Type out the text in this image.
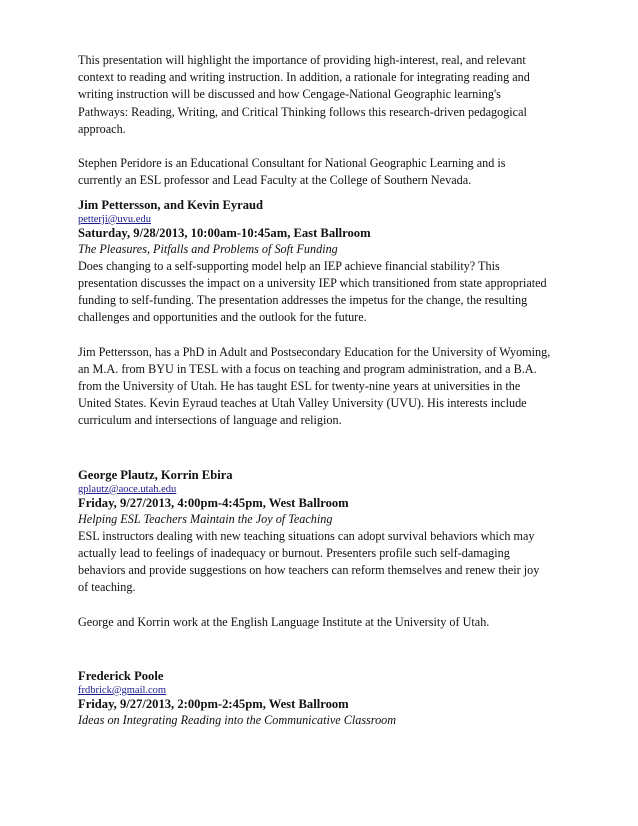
This presentation will highlight the importance of providing high-interest, real, and relevant

context to reading and writing instruction. In addition, a rationale for integrating reading and

writing instruction will be discussed and how Cengage-National Geographic learning's

Pathways: Reading, Writing, and Critical Thinking follows this research-driven pedagogical

approach.

Stephen Peridore is an Educational Consultant for National Geographic Learning and is

currently an ESL professor and Lead Faculty at the College of Southern Nevada.

Jim Pettersson, and Kevin Eyraud
petterji@uvu.edu
Saturday, 9/28/2013, 10:00am-10:45am, East Ballroom
The Pleasures, Pitfalls and Problems of Soft Funding

Does changing to a self-supporting model help an IEP achieve financial stability? This

presentation discusses the impact on a university IEP which transitioned from state appropriated

funding to self-funding. The presentation addresses the impetus for the change, the resulting

challenges and opportunities and the outlook for the future.

Jim Pettersson, has a PhD in Adult and Postsecondary Education for the University of Wyoming,

an M.A. from BYU in TESL with a focus on teaching and program administration, and a B.A.

from the University of Utah. He has taught ESL for twenty-nine years at universities in the

United States. Kevin Eyraud teaches at Utah Valley University (UVU). His interests include

curriculum and intersections of language and religion.

George Plautz, Korrin Ebira
gplautz@aoce.utah.edu
Friday, 9/27/2013, 4:00pm-4:45pm, West Ballroom
Helping ESL Teachers Maintain the Joy of Teaching

ESL instructors dealing with new teaching situations can adopt survival behaviors which may

actually lead to feelings of inadequacy or burnout. Presenters profile such self-damaging

behaviors and provide suggestions on how teachers can reform themselves and renew their joy

of teaching.

George and Korrin work at the English Language Institute at the University of Utah.

Frederick Poole
frdbrick@gmail.com
Friday, 9/27/2013, 2:00pm-2:45pm, West Ballroom
Ideas on Integrating Reading into the Communicative Classroom
